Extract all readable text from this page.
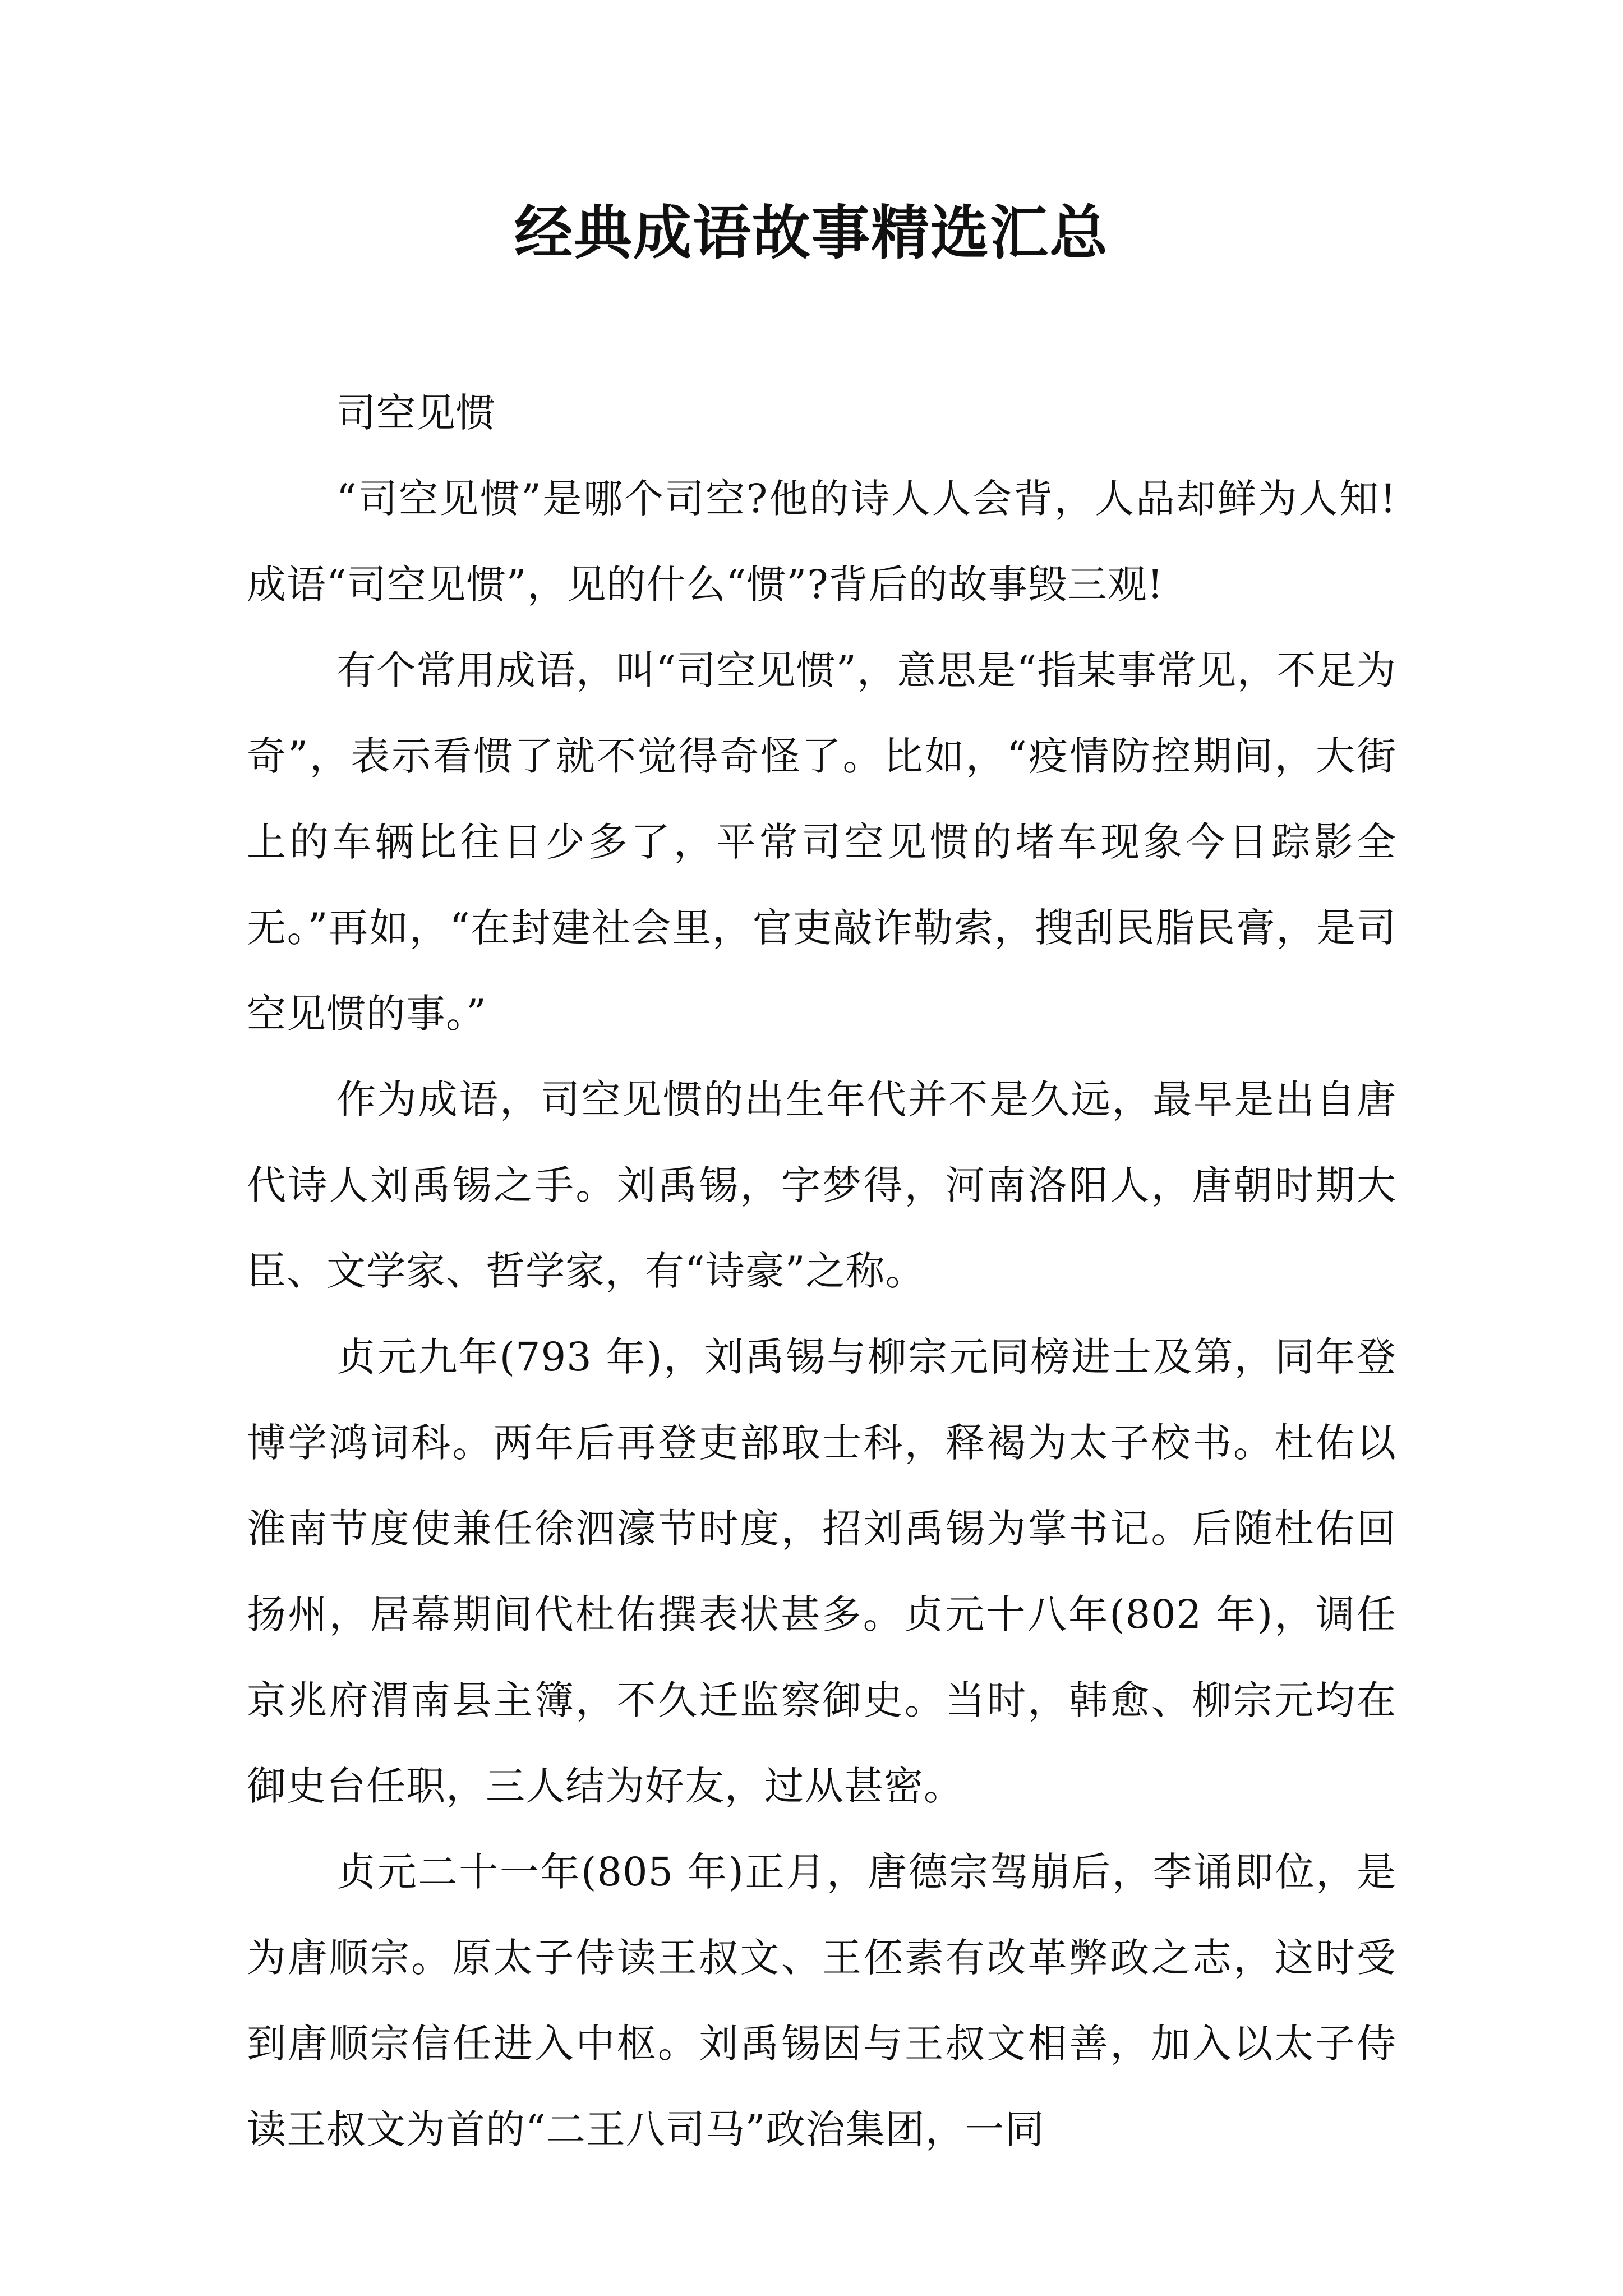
经典成语故事精选汇总

司空见惯

“司空见惯”是哪个司空?他的诗人人会背，人品却鲜为人知!成语“司空见惯”，见的什么“惯”?背后的故事毁三观!

有个常用成语，叫“司空见惯”，意思是“指某事常见，不足为奇”，表示看惯了就不觉得奇怪了。比如，“疫情防控期间，大街上的车辆比往日少多了，平常司空见惯的堵车现象今日踪影全无。”再如，“在封建社会里，官吏敲诈勒索，搜刮民脂民膏，是司空见惯的事。”

作为成语，司空见惯的出生年代并不是久远，最早是出自唐代诗人刘禹锡之手。刘禹锡，字梦得，河南洛阳人，唐朝时期大臣、文学家、哲学家，有“诗豪”之称。

贞元九年(793 年)，刘禹锡与柳宗元同榜进士及第，同年登博学鸿词科。两年后再登吏部取士科，释褐为太子校书。杜佑以淮南节度使兼任徐泗濠节时度，招刘禹锡为掌书记。后随杜佑回扬州，居幕期间代杜佑撰表状甚多。贞元十八年(802 年)，调任京兆府渭南县主簿，不久迁监察御史。当时，韩愈、柳宗元均在御史台任职，三人结为好友，过从甚密。

贞元二十一年(805 年)正月，唐德宗驾崩后，李诵即位，是为唐顺宗。原太子侍读王叔文、王伾素有改革弊政之志，这时受到唐顺宗信任进入中枢。刘禹锡因与王叔文相善，加入以太子侍读王叔文为首的“二王八司马”政治集团，一同
